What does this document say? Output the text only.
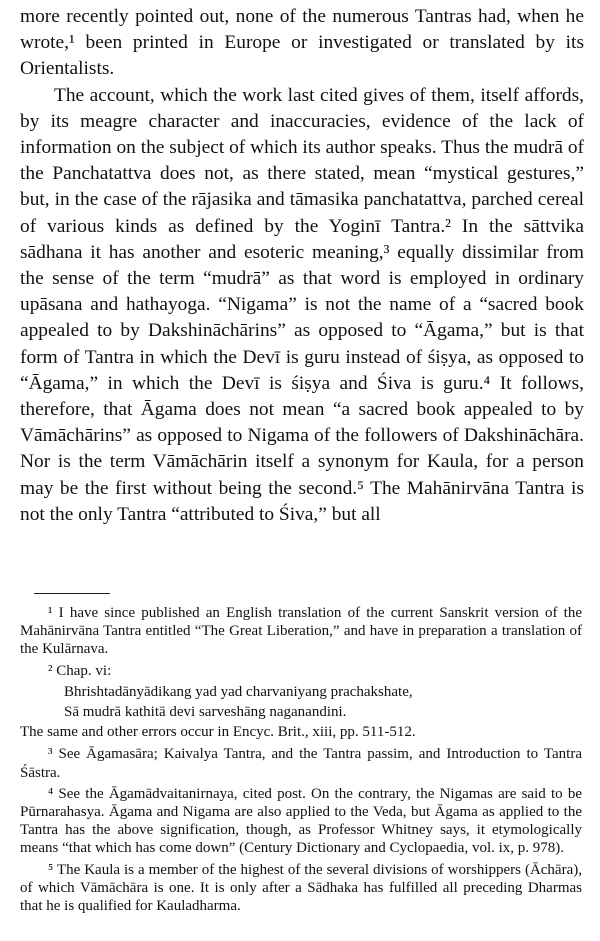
more recently pointed out, none of the numerous Tantras had, when he wrote,¹ been printed in Europe or investigated or translated by its Orientalists.

The account, which the work last cited gives of them, itself affords, by its meagre character and inaccuracies, evidence of the lack of information on the subject of which its author speaks. Thus the mudrā of the Panchatattva does not, as there stated, mean “mystical gestures,” but, in the case of the rājasika and tāmasika panchatattva, parched cereal of various kinds as defined by the Yoginī Tantra.² In the sāttvika sādhana it has another and esoteric meaning,³ equally dissimilar from the sense of the term “mudrā” as that word is employed in ordinary upāsana and hathayoga. “Nigama” is not the name of a “sacred book appealed to by Dakshināchārins” as opposed to “Āgama,” but is that form of Tantra in which the Devī is guru instead of śiṣya, as opposed to “Āgama,” in which the Devī is śiṣya and Śiva is guru.⁴ It follows, therefore, that Āgama does not mean “a sacred book appealed to by Vāmāchārins” as opposed to Nigama of the followers of Dakshināchāra. Nor is the term Vāmāchārin itself a synonym for Kaula, for a person may be the first without being the second.⁵ The Mahānirvāna Tantra is not the only Tantra “attributed to Śiva,” but all

¹ I have since published an English translation of the current Sanskrit version of the Mahānirvāna Tantra entitled “The Great Liberation,” and have in preparation a translation of the Kulārnava.

² Chap. vi:

Bhrishtadānyādikang yad yad charvaniyang prachakshate,

Sā mudrā kathitā devi sarveshāng naganandini.

The same and other errors occur in Encyc. Brit., xiii, pp. 511-512.

³ See Āgamasāra; Kaivalya Tantra, and the Tantra passim, and Introduction to Tantra Śāstra.

⁴ See the Āgamādvaitanirnaya, cited post. On the contrary, the Nigamas are said to be Pūrnarahasya. Āgama and Nigama are also applied to the Veda, but Āgama as applied to the Tantra has the above signification, though, as Professor Whitney says, it etymologically means “that which has come down” (Century Dictionary and Cyclopaedia, vol. ix, p. 978).

⁵ The Kaula is a member of the highest of the several divisions of worshippers (Āchāra), of which Vāmāchāra is one. It is only after a Sādhaka has fulfilled all preceding Dharmas that he is qualified for Kauladharma.
